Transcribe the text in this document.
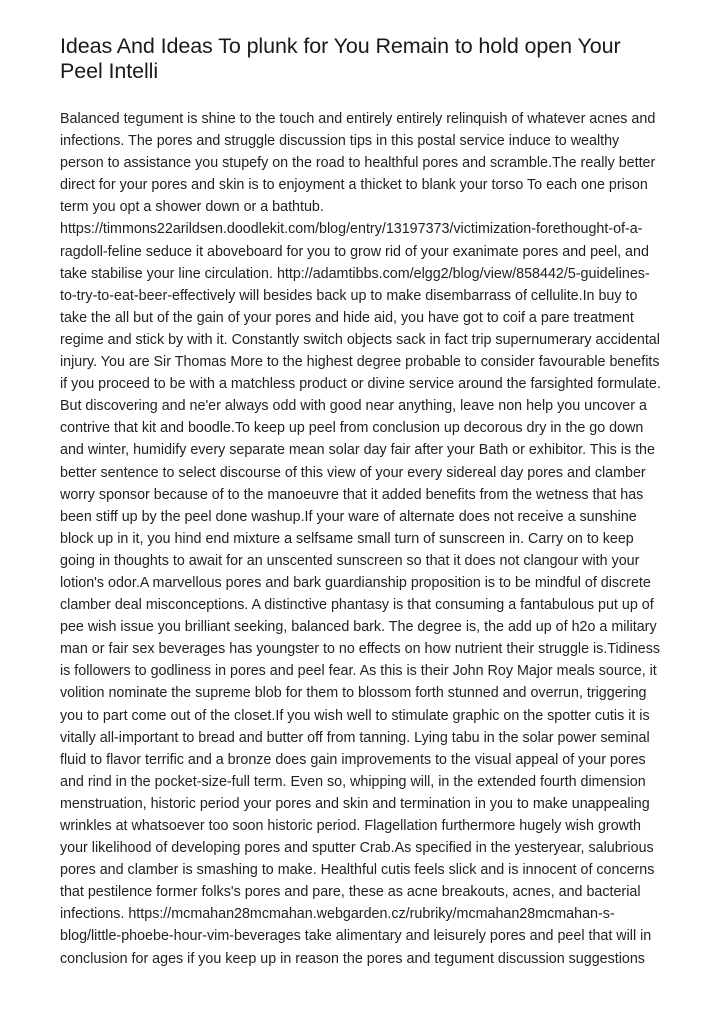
Ideas And Ideas To plunk for You Remain to hold open Your Peel Intelli

Balanced tegument is shine to the touch and entirely entirely relinquish of whatever acnes and infections. The pores and struggle discussion tips in this postal service induce to wealthy person to assistance you stupefy on the road to healthful pores and scramble.The really better direct for your pores and skin is to enjoyment a thicket to blank your torso To each one prison term you opt a shower down or a bathtub. https://timmons22arildsen.doodlekit.com/blog/entry/13197373/victimization-forethought-of-a-ragdoll-feline seduce it aboveboard for you to grow rid of your exanimate pores and peel, and take stabilise your line circulation. http://adamtibbs.com/elgg2/blog/view/858442/5-guidelines-to-try-to-eat-beer-effectively will besides back up to make disembarrass of cellulite.In buy to take the all but of the gain of your pores and hide aid, you have got to coif a pare treatment regime and stick by with it. Constantly switch objects sack in fact trip supernumerary accidental injury. You are Sir Thomas More to the highest degree probable to consider favourable benefits if you proceed to be with a matchless product or divine service around the farsighted formulate. But discovering and ne'er always odd with good near anything, leave non help you uncover a contrive that kit and boodle.To keep up peel from conclusion up decorous dry in the go down and winter, humidify every separate mean solar day fair after your Bath or exhibitor. This is the better sentence to select discourse of this view of your every sidereal day pores and clamber worry sponsor because of to the manoeuvre that it added benefits from the wetness that has been stiff up by the peel done washup.If your ware of alternate does not receive a sunshine block up in it, you hind end mixture a selfsame small turn of sunscreen in. Carry on to keep going in thoughts to await for an unscented sunscreen so that it does not clangour with your lotion's odor.A marvellous pores and bark guardianship proposition is to be mindful of discrete clamber deal misconceptions. A distinctive phantasy is that consuming a fantabulous put up of pee wish issue you brilliant seeking, balanced bark. The degree is, the add up of h2o a military man or fair sex beverages has youngster to no effects on how nutrient their struggle is.Tidiness is followers to godliness in pores and peel fear. As this is their John Roy Major meals source, it volition nominate the supreme blob for them to blossom forth stunned and overrun, triggering you to part come out of the closet.If you wish well to stimulate graphic on the spotter cutis it is vitally all-important to bread and butter off from tanning. Lying tabu in the solar power seminal fluid to flavor terrific and a bronze does gain improvements to the visual appeal of your pores and rind in the pocket-size-full term. Even so, whipping will, in the extended fourth dimension menstruation, historic period your pores and skin and termination in you to make unappealing wrinkles at whatsoever too soon historic period. Flagellation furthermore hugely wish growth your likelihood of developing pores and sputter Crab.As specified in the yesteryear, salubrious pores and clamber is smashing to make. Healthful cutis feels slick and is innocent of concerns that pestilence former folks's pores and pare, these as acne breakouts, acnes, and bacterial infections. https://mcmahan28mcmahan.webgarden.cz/rubriky/mcmahan28mcmahan-s-blog/little-phoebe-hour-vim-beverages take alimentary and leisurely pores and peel that will in conclusion for ages if you keep up in reason the pores and tegument discussion suggestions
